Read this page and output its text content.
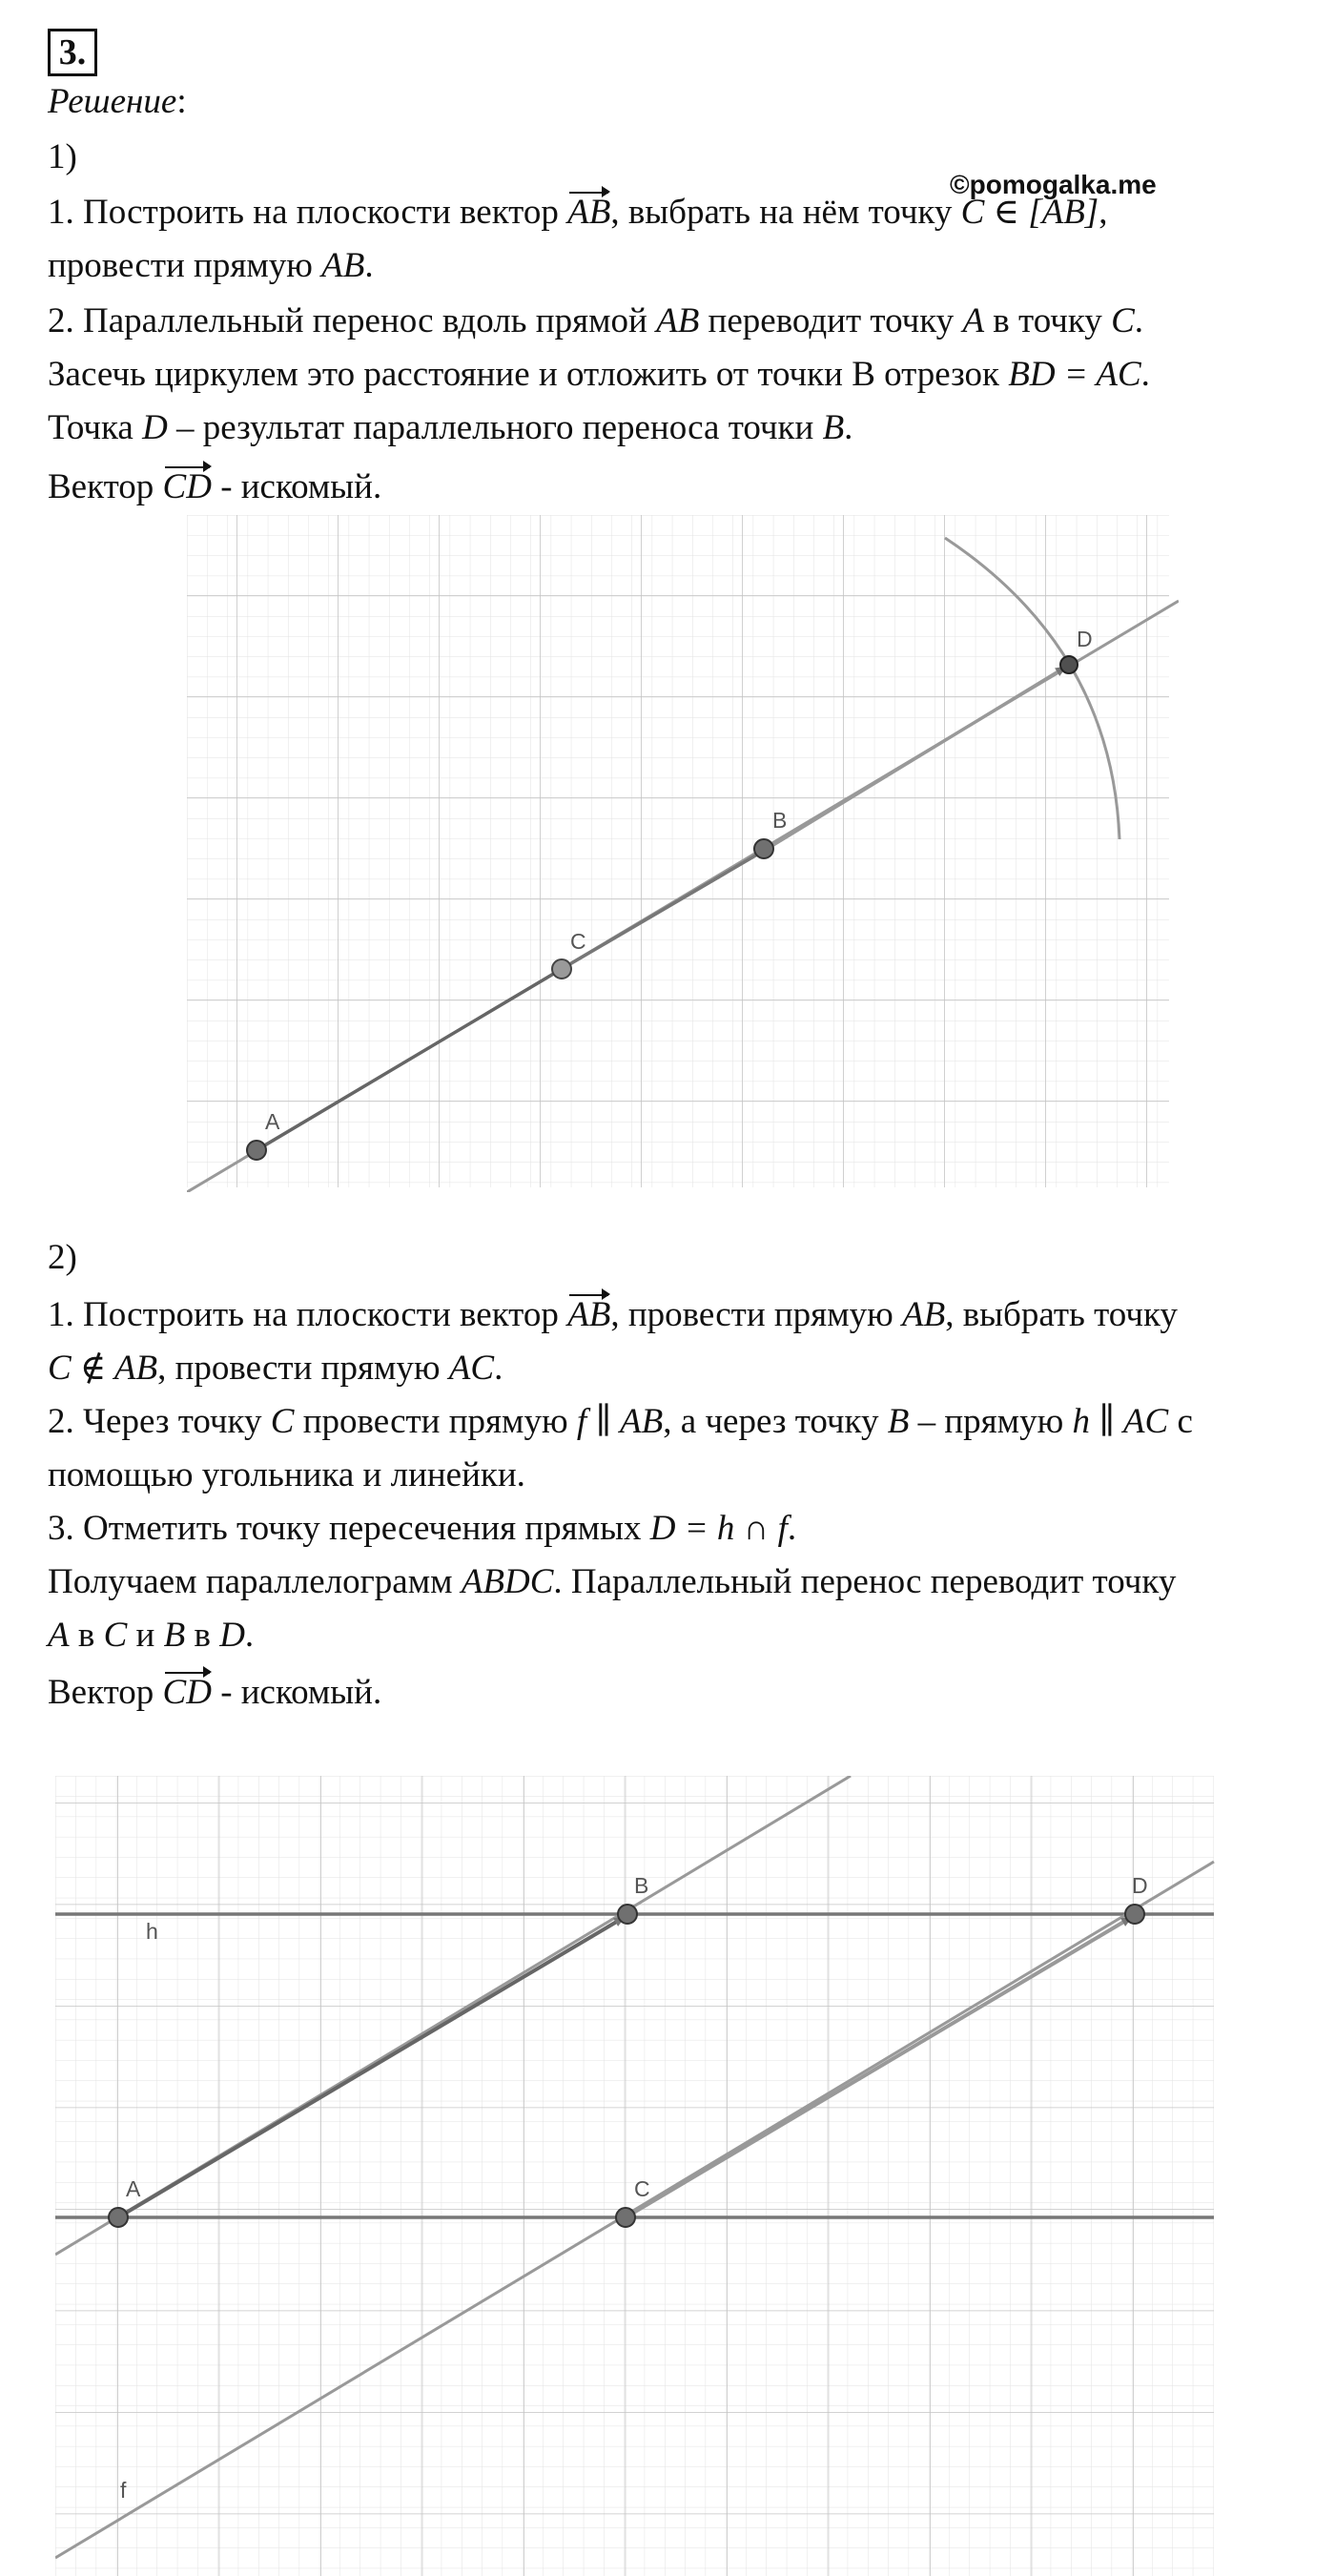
3.
Решение:
1)
©pomogalka.me
1. Построить на плоскости вектор AB, выбрать на нём точку C ∈ [AB],
провести прямую AB.
2. Параллельный перенос вдоль прямой AB переводит точку A в точку C.
Засечь циркулем это расстояние и отложить от точки В отрезок BD = AC.
Точка D – результат параллельного переноса точки B.
Вектор CD - искомый.
A
C
B
D
2)
1. Построить на плоскости вектор AB, провести прямую AB, выбрать точку
C ∉ AB, провести прямую AC.
2. Через точку C провести прямую f ∥ AB, а через точку B – прямую h ∥ AC с
помощью угольника и линейки.
3. Отметить точку пересечения прямых D = h ∩ f.
Получаем параллелограмм ABDC. Параллельный перенос переводит точку
A в C и B в D.
Вектор CD - искомый.
A
B
C
D
h
f
